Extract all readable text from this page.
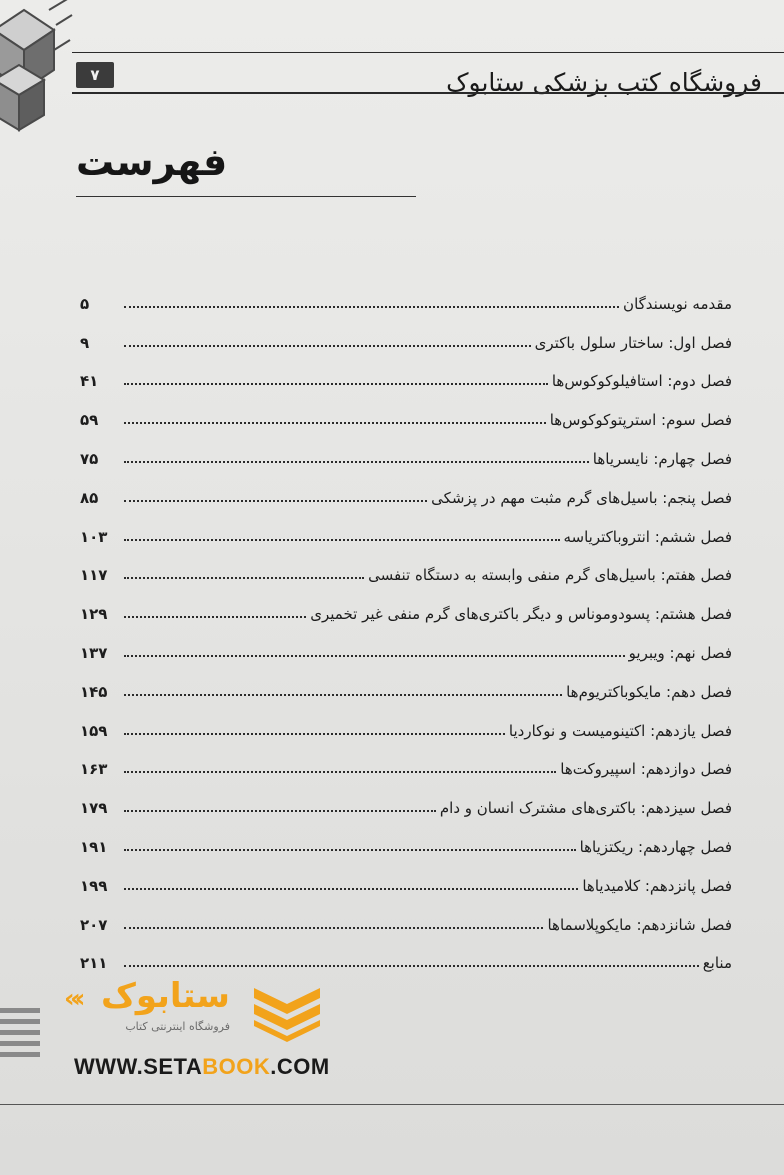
۷	فروشگاه کتب پزشکی ستابوک
فهرست
مقدمه نویسندگان
۵
فصل اول: ساختار سلول باکتری
۹
فصل دوم: استافیلوکوکوس‌ها
۴۱
فصل سوم: استرپتوکوکوس‌ها
۵۹
فصل چهارم: نایسریاها
۷۵
فصل پنجم: باسیل‌های گرم مثبت مهم در پزشکی
۸۵
فصل ششم: انتروباکتریاسه
۱۰۳
فصل هفتم: باسیل‌های گرم منفی وابسته به دستگاه تنفسی
۱۱۷
فصل هشتم: پسودوموناس و دیگر باکتری‌های گرم منفی غیر تخمیری
۱۲۹
فصل نهم: ویبریو
۱۳۷
فصل دهم: مایکوباکتریوم‌ها
۱۴۵
فصل یازدهم: اکتینومیست و نوکاردیا
۱۵۹
فصل دوازدهم: اسپیروکت‌ها
۱۶۳
فصل سیزدهم: باکتری‌های مشترک انسان و دام
۱۷۹
فصل چهاردهم: ریکتزیاها
۱۹۱
فصل پانزدهم: کلامیدیاها
۱۹۹
فصل شانزدهم: مایکوپلاسماها
۲۰۷
منابع
۲۱۱
«‹ ستابوک
فروشگاه اینترنتی کتاب
WWW.SETABOOK.COM
